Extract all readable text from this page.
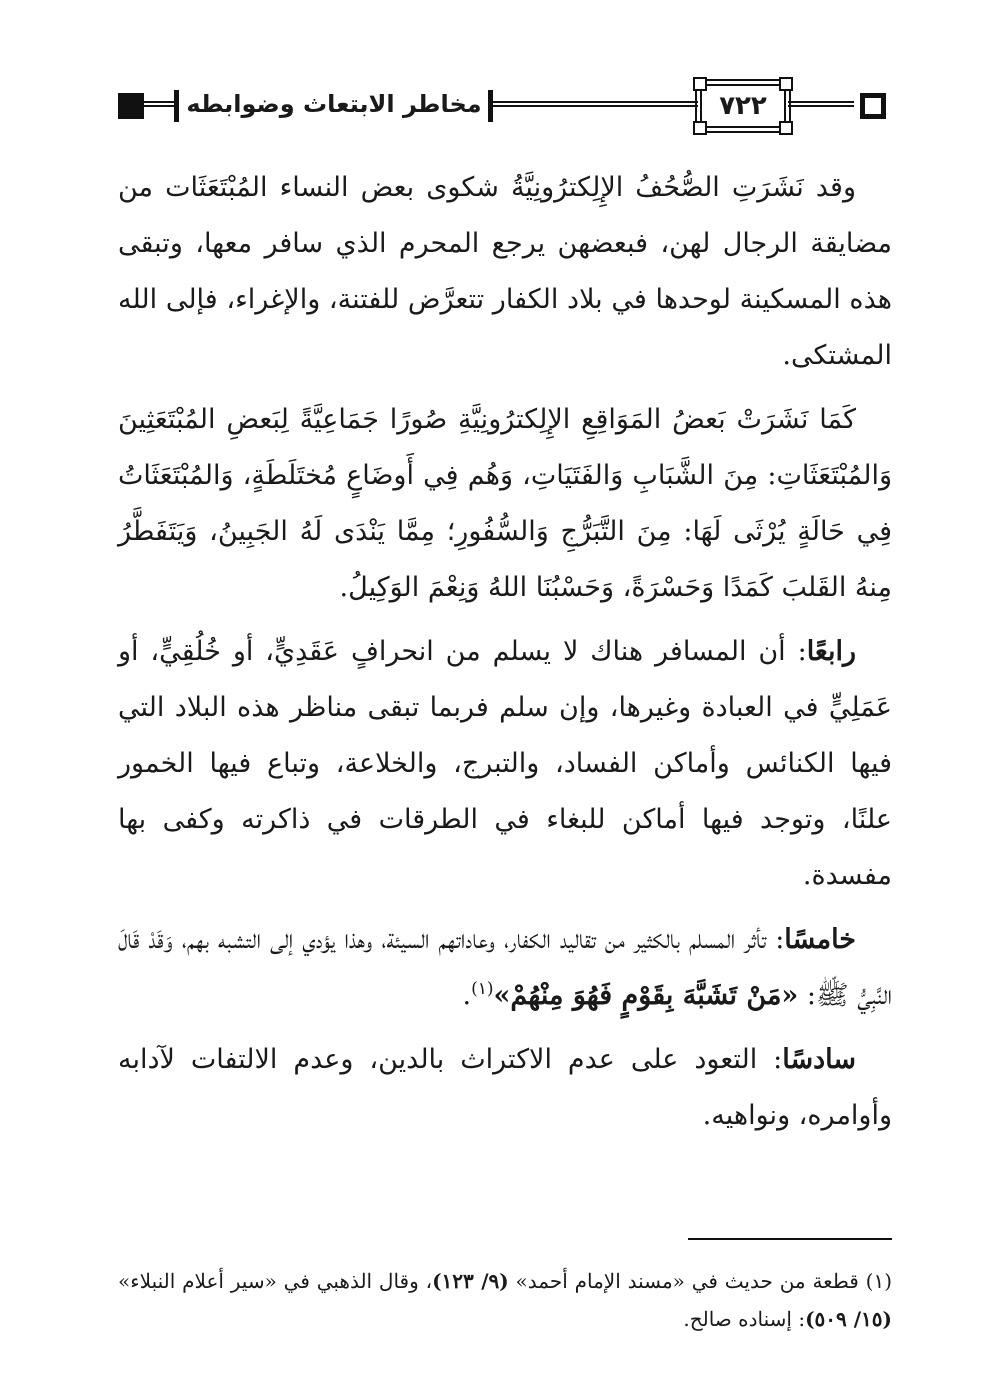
مخاطر الابتعاث وضوابطه	٧٢٢

وقد نَشَرَتِ الصُّحُفُ الإِلِكترُونِيَّةُ شكوى بعض النساء المُبْتَعَثَات من مضايقة الرجال لهن، فبعضهن يرجع المحرم الذي سافر معها، وتبقى هذه المسكينة لوحدها في بلاد الكفار تتعرَّض للفتنة، والإغراء، فإلى الله المشتكى.

كَمَا نَشَرَتْ بَعضُ المَوَاقِعِ الإِلِكترُونِيَّةِ صُورًا جَمَاعِيَّةً لِبَعضِ المُبْتَعَثِينَ وَالمُبْتَعَثَاتِ: مِنَ الشَّبَابِ وَالفَتَيَاتِ، وَهُم فِي أَوضَاعٍ مُختَلَطَةٍ، وَالمُبْتَعَثَاتُ فِي حَالَةٍ يُرْثَى لَهَا: مِنَ التَّبَرُّجِ وَالسُّفُورِ؛ مِمَّا يَنْدَى لَهُ الجَبِينُ، وَيَتَفَطَّرُ مِنهُ القَلبَ كَمَدًا وَحَسْرَةً، وَحَسْبُنَا اللهُ وَنِعْمَ الوَكِيلُ.

رابعًا: أن المسافر هناك لا يسلم من انحرافٍ عَقَدِيٍّ، أو خُلُقِيٍّ، أو عَمَلِيٍّ في العبادة وغيرها، وإن سلم فربما تبقى مناظر هذه البلاد التي فيها الكنائس وأماكن الفساد، والتبرج، والخلاعة، وتباع فيها الخمور علنًا، وتوجد فيها أماكن للبغاء في الطرقات في ذاكرته وكفى بها مفسدة.

خامسًا: تأثر المسلم بالكثير من تقاليد الكفار، وعاداتهم السيئة، وهذا يؤدي إلى التشبه بهم، وَقَدْ قَالَ النَّبِيُّ ﷺ: «مَنْ تَشَبَّهَ بِقَوْمٍ فَهُوَ مِنْهُمْ»$^{(١)}$.

سادسًا: التعود على عدم الاكتراث بالدين، وعدم الالتفات لآدابه وأوامره، ونواهيه.

(١) قطعة من حديث في «مسند الإمام أحمد» (٩/ ١٢٣)، وقال الذهبي في «سير أعلام النبلاء» (١٥/ ٥٠٩): إسناده صالح.
